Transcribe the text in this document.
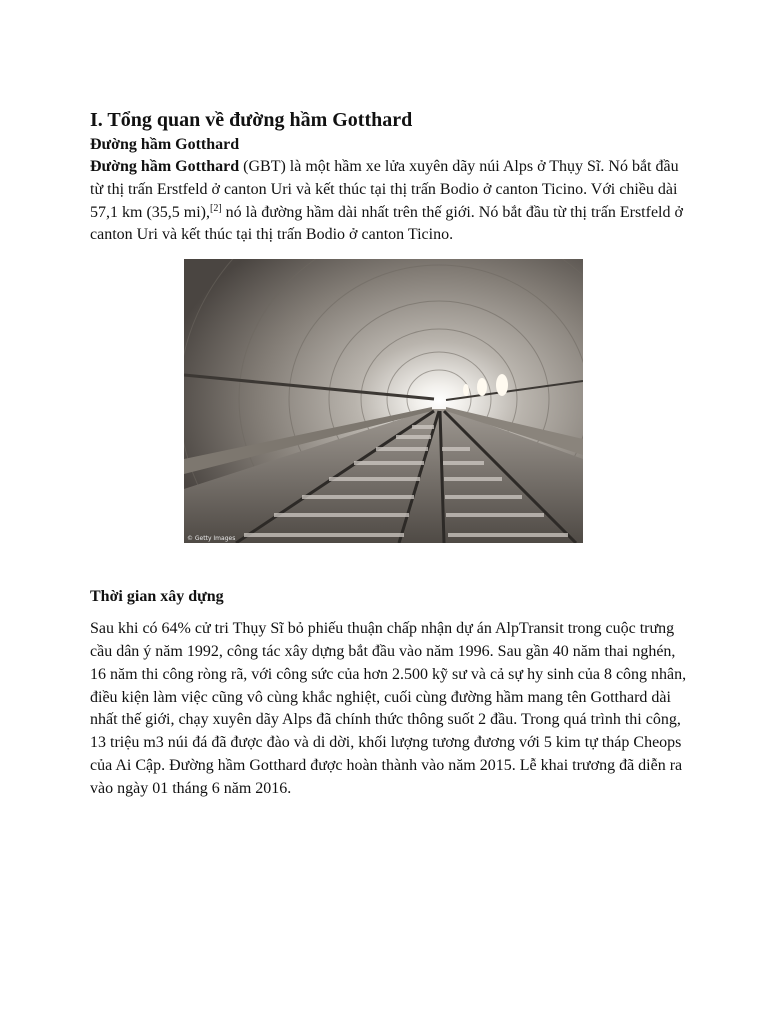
I. Tổng quan về đường hầm Gotthard
Đường hầm Gotthard

Đường hầm Gotthard (GBT) là một hầm xe lửa xuyên dãy núi Alps ở Thụy Sĩ. Nó bắt đầu từ thị trấn Erstfeld ở canton Uri và kết thúc tại thị trấn Bodio ở canton Ticino. Với chiều dài 57,1 km (35,5 mi),[2] nó là đường hầm dài nhất trên thế giới. Nó bắt đầu từ thị trấn Erstfeld ở canton Uri và kết thúc tại thị trấn Bodio ở canton Ticino.

© Getty Images
Thời gian xây dựng

Sau khi có 64% cử tri Thụy Sĩ bỏ phiếu thuận chấp nhận dự án AlpTransit trong cuộc trưng cầu dân ý năm 1992, công tác xây dựng bắt đầu vào năm 1996. Sau gần 40 năm thai nghén, 16 năm thi công ròng rã, với công sức của hơn 2.500 kỹ sư và cả sự hy sinh của 8 công nhân, điều kiện làm việc cũng vô cùng khắc nghiệt, cuối cùng đường hầm mang tên Gotthard dài nhất thế giới, chạy xuyên dãy Alps đã chính thức thông suốt 2 đầu. Trong quá trình thi công, 13 triệu m3 núi đá đã được đào và di dời, khối lượng tương đương với 5 kim tự tháp Cheops của Ai Cập. Đường hầm Gotthard được hoàn thành vào năm 2015. Lễ khai trương đã diễn ra vào ngày 01 tháng 6 năm 2016.
